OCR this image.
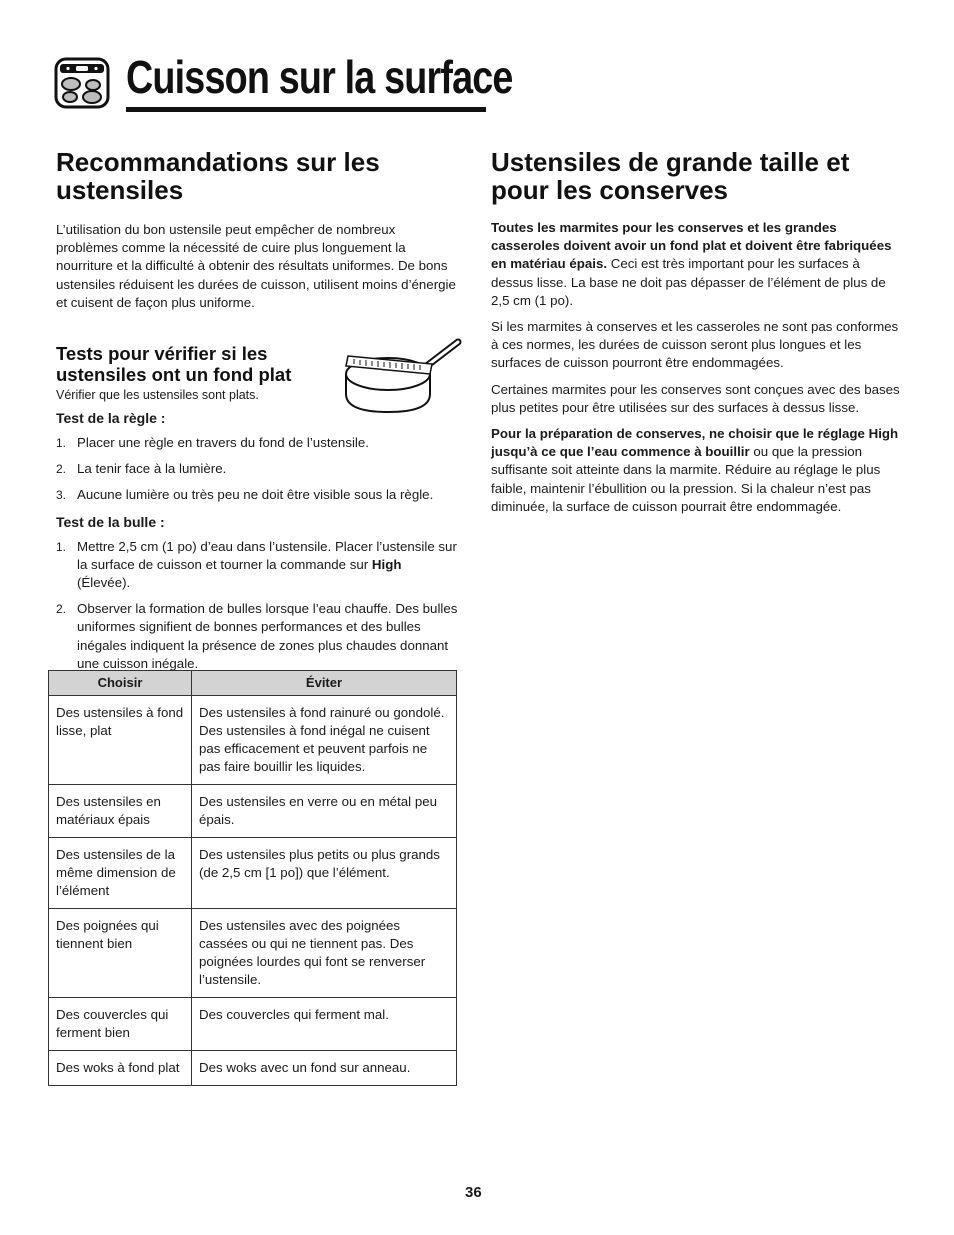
Cuisson sur la surface
Recommandations sur les ustensiles

L’utilisation du bon ustensile peut empêcher de nombreux problèmes comme la nécessité de cuire plus longuement la nourriture et la difficulté à obtenir des résultats uniformes. De bons ustensiles réduisent les durées de cuisson, utilisent moins d’énergie et cuisent de façon plus uniforme.

Tests pour vérifier si les ustensiles ont un fond plat

Vérifier que les ustensiles sont plats.

Test de la règle :
1. Placer une règle en travers du fond de l’ustensile.
2. La tenir face à la lumière.
3. Aucune lumière ou très peu ne doit être visible sous la règle.
Test de la bulle :
1. Mettre 2,5 cm (1 po) d’eau dans l’ustensile. Placer l’ustensile sur la surface de cuisson et tourner la commande sur High (Élevée).
2. Observer la formation de bulles lorsque l’eau chauffe. Des bulles uniformes signifient de bonnes performances et des bulles inégales indiquent la présence de zones plus chaudes donnant une cuisson inégale.
Choisir	Éviter
Des ustensiles à fond lisse, plat	Des ustensiles à fond rainuré ou gondolé. Des ustensiles à fond inégal ne cuisent pas efficacement et peuvent parfois ne pas faire bouillir les liquides.
Des ustensiles en matériaux épais	Des ustensiles en verre ou en métal peu épais.
Des ustensiles de la même dimension de l’élément	Des ustensiles plus petits ou plus grands (de 2,5 cm [1 po]) que l’élément.
Des poignées qui tiennent bien	Des ustensiles avec des poignées cassées ou qui ne tiennent pas. Des poignées lourdes qui font se renverser l’ustensile.
Des couvercles qui ferment bien	Des couvercles qui ferment mal.
Des woks à fond plat	Des woks avec un fond sur anneau.
Ustensiles de grande taille et pour les conserves

Toutes les marmites pour les conserves et les grandes casseroles doivent avoir un fond plat et doivent être fabriquées en matériau épais. Ceci est très important pour les surfaces à dessus lisse. La base ne doit pas dépasser de l’élément de plus de 2,5 cm (1 po).

Si les marmites à conserves et les casseroles ne sont pas conformes à ces normes, les durées de cuisson seront plus longues et les surfaces de cuisson pourront être endommagées.

Certaines marmites pour les conserves sont conçues avec des bases plus petites pour être utilisées sur des surfaces à dessus lisse.

Pour la préparation de conserves, ne choisir que le réglage High jusqu’à ce que l’eau commence à bouillir ou que la pression suffisante soit atteinte dans la marmite. Réduire au réglage le plus faible, maintenir l’ébullition ou la pression. Si la chaleur n’est pas diminuée, la surface de cuisson pourrait être endommagée.

36
